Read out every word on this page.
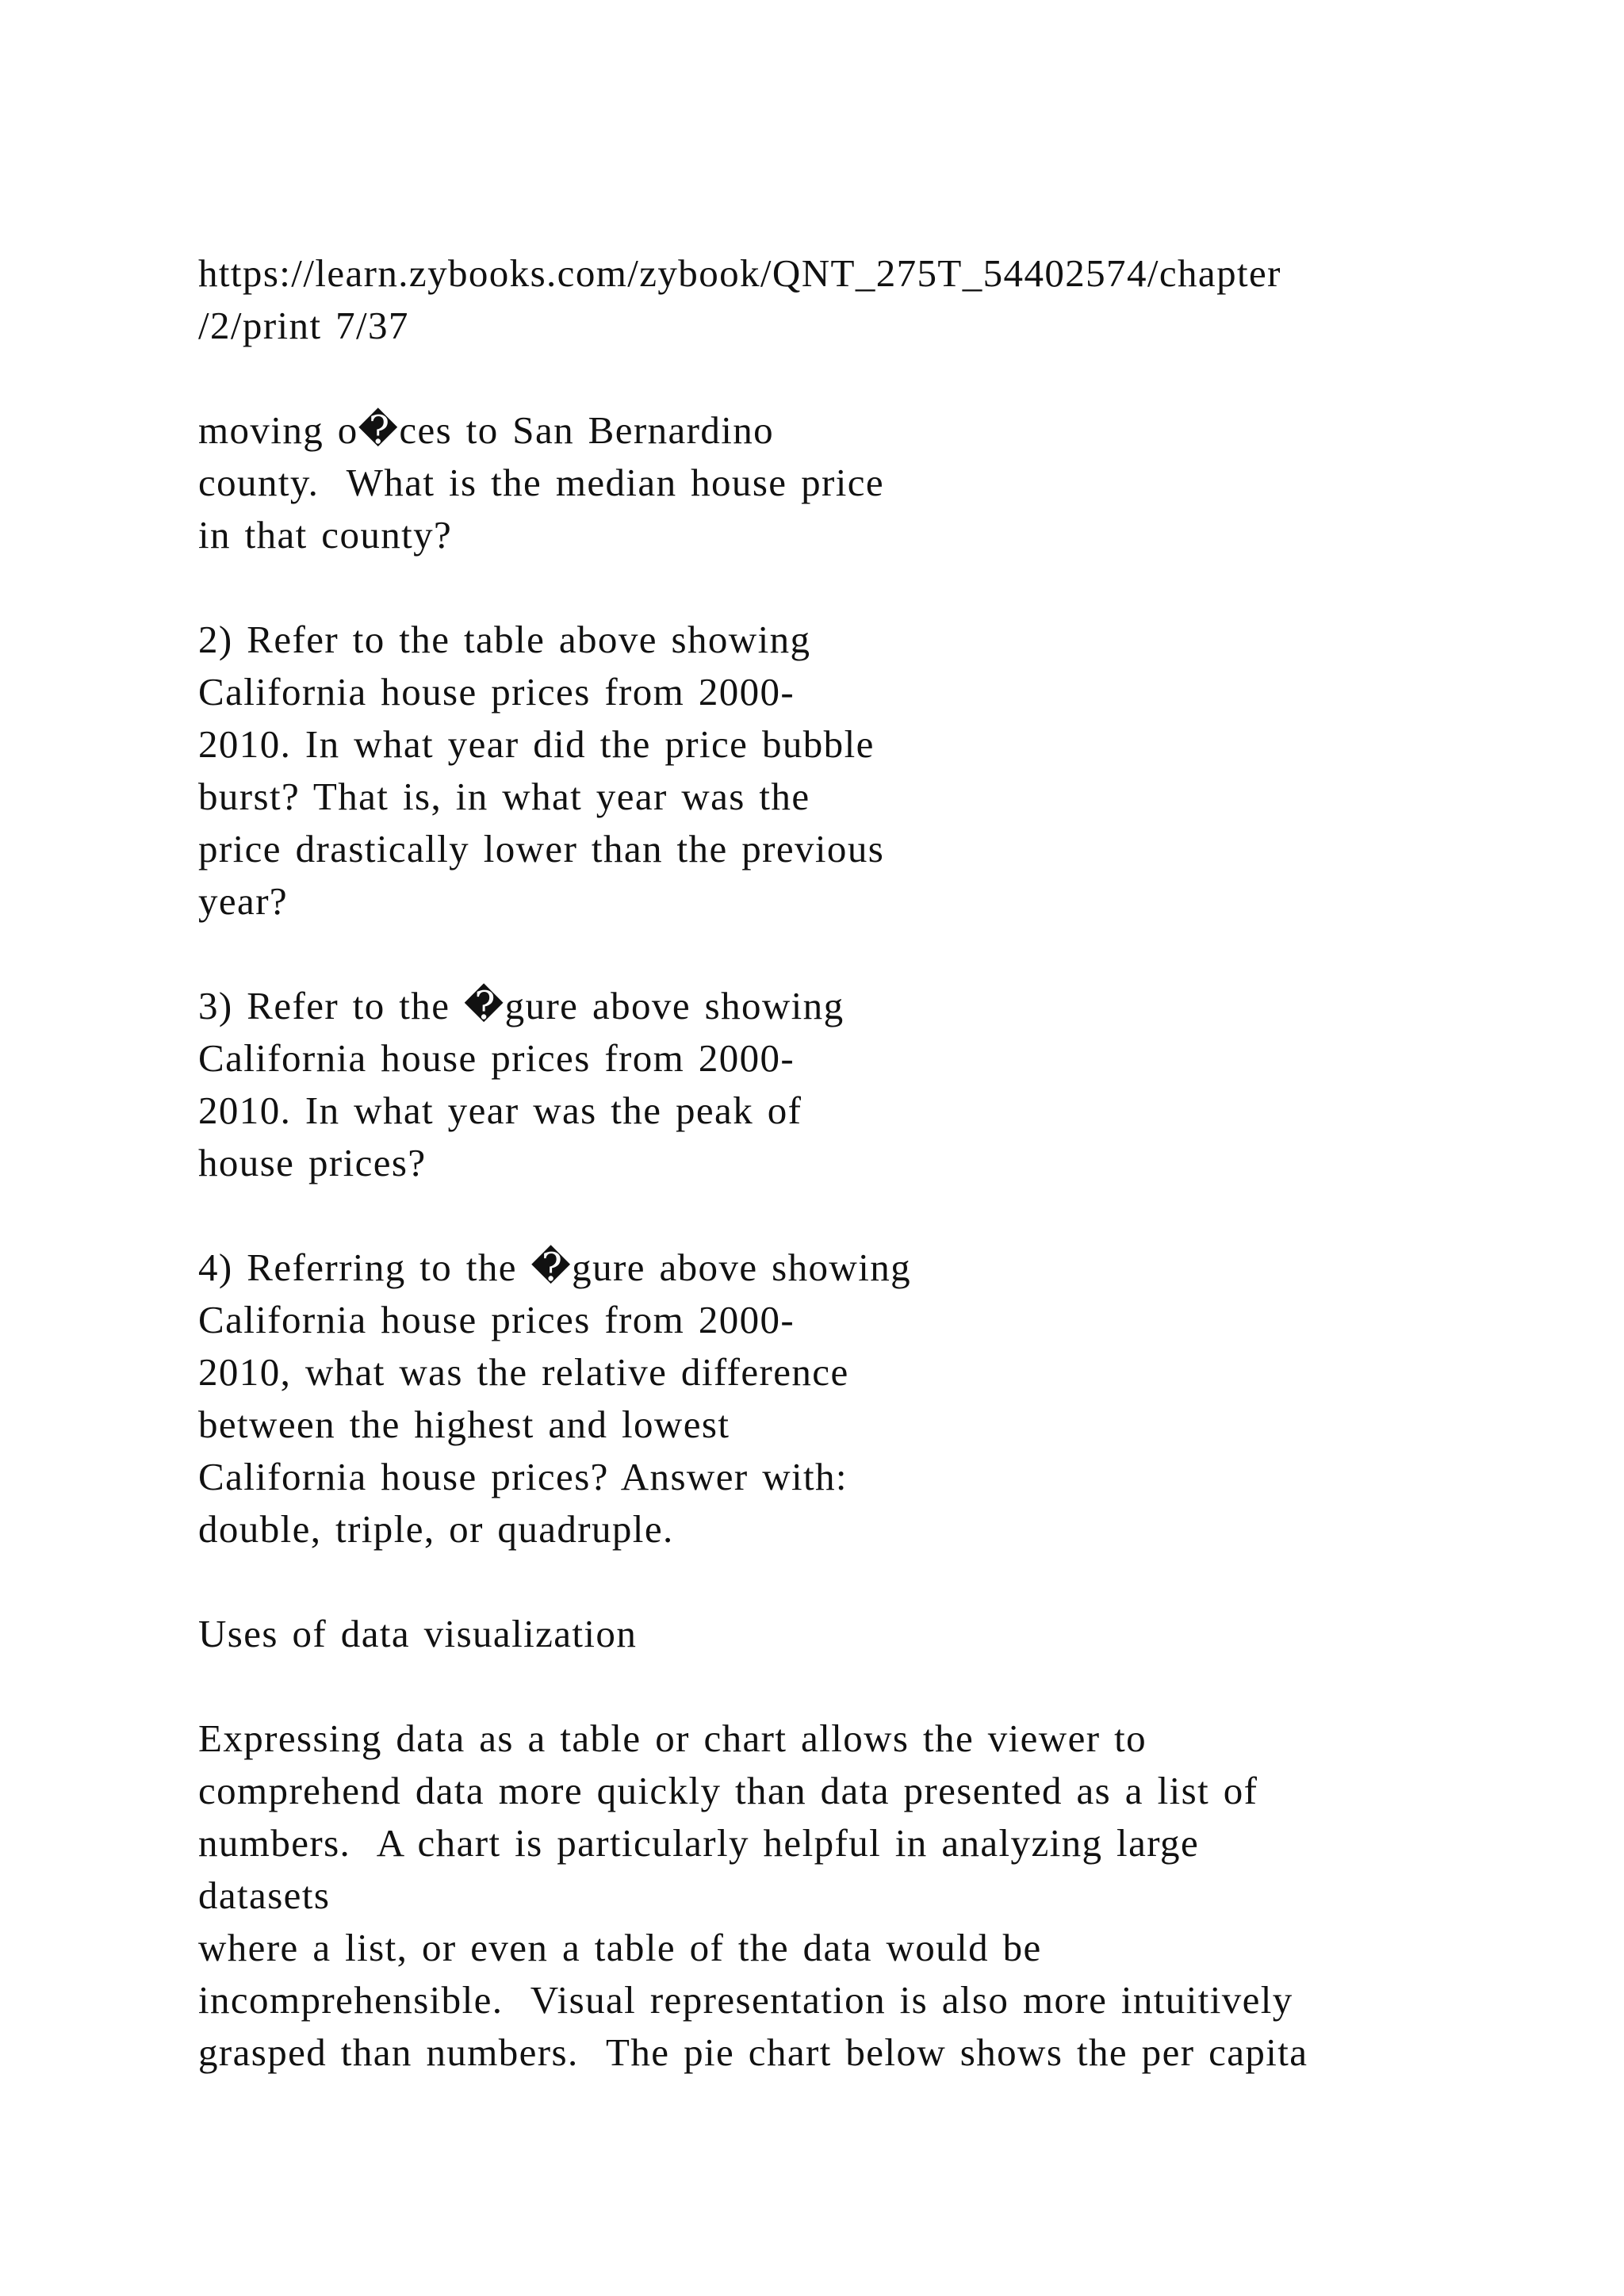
https://learn.zybooks.com/zybook/QNT_275T_54402574/chapter
/2/print 7/37
moving o�ces to San Bernardino
county.  What is the median house price
in that county?
2) Refer to the table above showing
California house prices from 2000-
2010. In what year did the price bubble
burst? That is, in what year was the
price drastically lower than the previous
year?
3) Refer to the �gure above showing
California house prices from 2000-
2010. In what year was the peak of
house prices?
4) Referring to the �gure above showing
California house prices from 2000-
2010, what was the relative difference
between the highest and lowest
California house prices? Answer with:
double, triple, or quadruple.
Uses of data visualization
Expressing data as a table or chart allows the viewer to
comprehend data more quickly than data presented as a list of
numbers.  A chart is particularly helpful in analyzing large
datasets
where a list, or even a table of the data would be
incomprehensible.  Visual representation is also more intuitively
grasped than numbers.  The pie chart below shows the per capita
